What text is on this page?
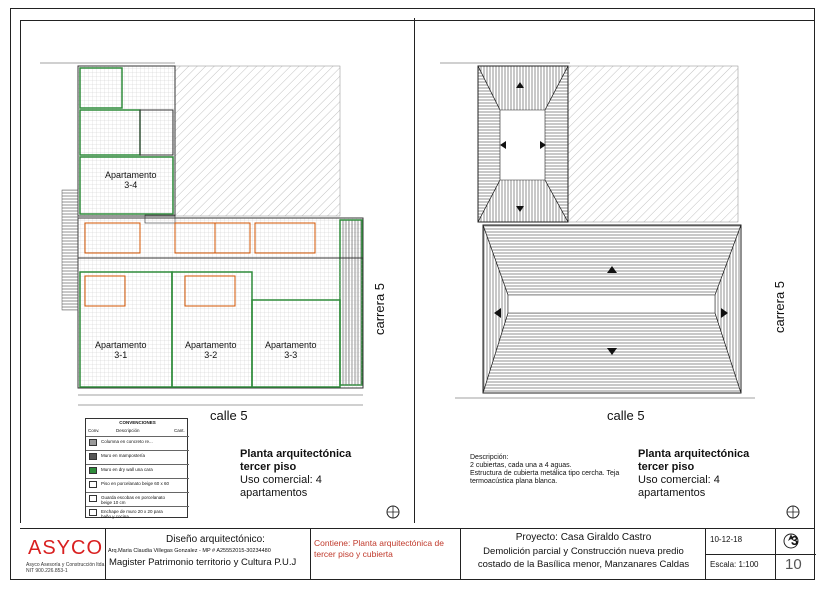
Apartamento
3-4
Apartamento
3-1
Apartamento
3-2
Apartamento
3-3
calle 5
carrera 5
CONVENCIONES
Conv.	Descripción	Cant.
Columna en concreto re...
Muro en mampostería
Muro en dry wall una cara
Piso en porcelanato beige 60 x 60
Guarda escobas en porcelanato beige 10 cm
Enchape de muro 20 x 20 para baño y cocina
Planta arquitectónica
tercer piso
Uso comercial: 4
apartamentos
calle 5
carrera 5
Descripción:
2 cubiertas, cada una a 4 aguas.
Estructura de cubierta metálica tipo cercha. Teja
termoacústica plana blanca.
Planta arquitectónica
tercer piso
Uso comercial: 4
apartamentos
ASYCO
Asyco Asesoría y Construcción ltda
NIT 900.226.853-1
Diseño arquitectónico:
Arq.Maria Claudia Villegas Gonzalez - MP # A25552015-30234480
Magister Patrimonio territorio y Cultura P.U.J
Contiene: Planta arquitectónica de
tercer piso y cubierta
Proyecto: Casa Giraldo Castro
Demolición parcial y Construcción nueva predio
costado de la Basílica menor, Manzanares Caldas
10-12-18
Escala: 1:100
3
10
